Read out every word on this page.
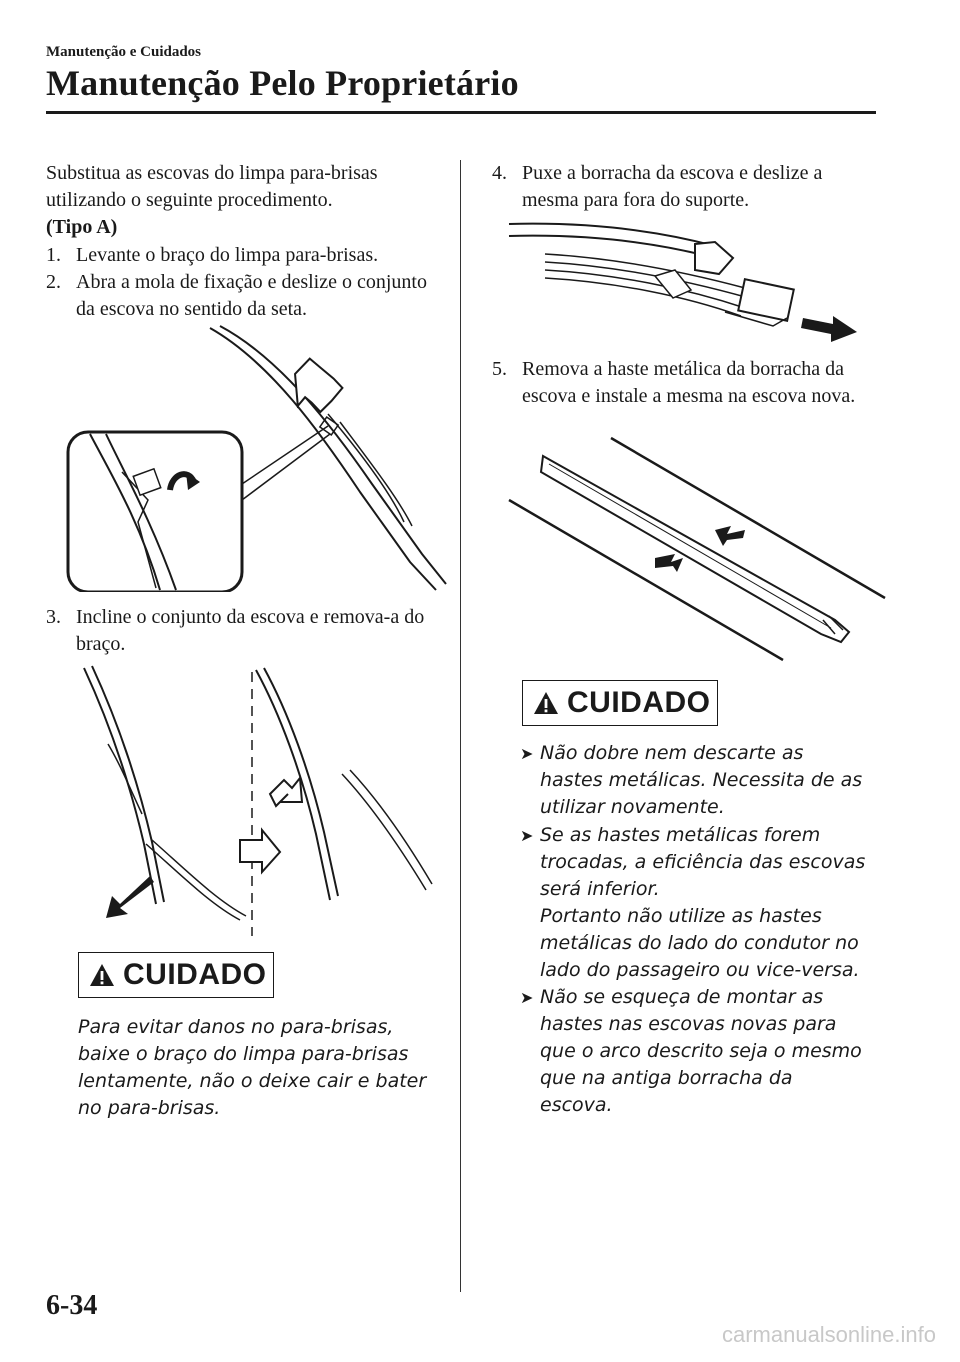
Manutenção e Cuidados
Manutenção Pelo Proprietário
Substitua as escovas do limpa para-brisas utilizando o seguinte procedimento.
(Tipo A)
1. Levante o braço do limpa para-brisas.
2. Abra a mola de fixação e deslize o conjunto da escova no sentido da seta.
3. Incline o conjunto da escova e remova-a do braço.
CUIDADO
Para evitar danos no para-brisas, baixe o braço do limpa para-brisas lentamente, não o deixe cair e bater no para-brisas.
4. Puxe a borracha da escova e deslize a mesma para fora do suporte.
5. Remova a haste metálica da borracha da escova e instale a mesma na escova nova.
CUIDADO
➤ Não dobre nem descarte as hastes metálicas. Necessita de as utilizar novamente.
➤ Se as hastes metálicas forem trocadas, a eficiência das escovas será inferior.
Portanto não utilize as hastes metálicas do lado do condutor no lado do passageiro ou vice-versa.
➤ Não se esqueça de montar as hastes nas escovas novas para que o arco descrito seja o mesmo que na antiga borracha da escova.
6-34
carmanualsonline.info
